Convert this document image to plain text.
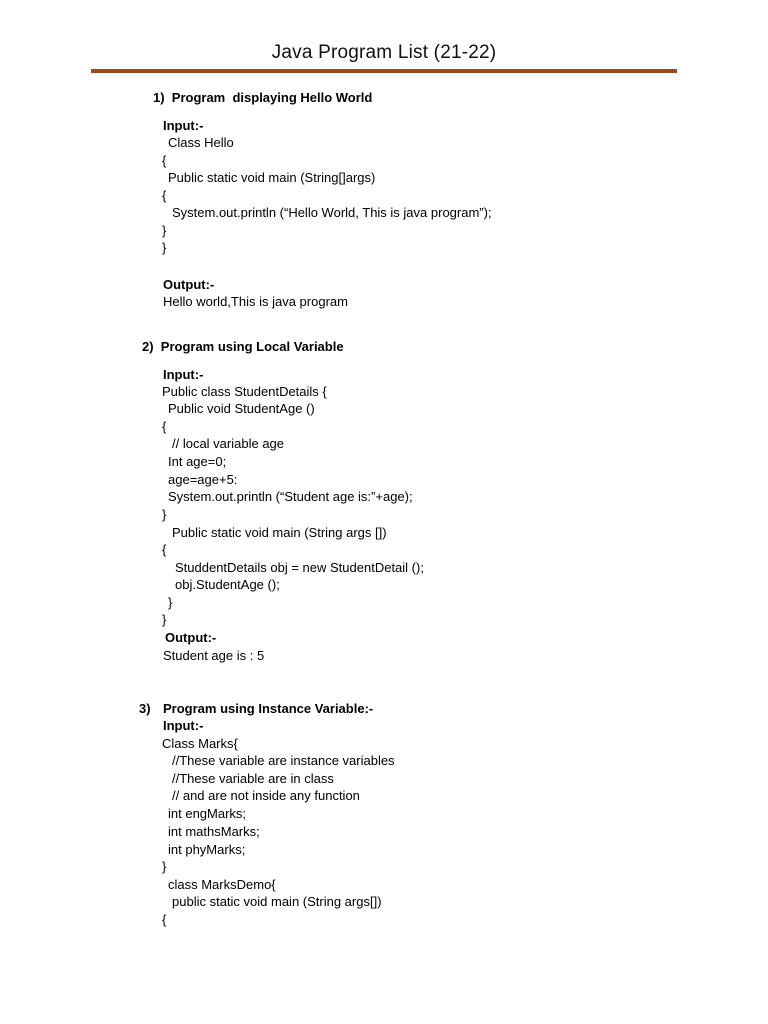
Java Program List (21-22)
1)  Program  displaying Hello World
Input:-
Class Hello
{
Public static void main (String[]args)
{
System.out.println (“Hello World, This is java program”);
}
}
Output:-
Hello world,This is java program
2)  Program using Local Variable
Input:-
Public class StudentDetails {
Public void StudentAge ()
{
// local variable age
Int age=0;
age=age+5:
System.out.println (“Student age is:”+age);
}
Public static void main (String args [])
{
StuddentDetails obj = new StudentDetail ();
obj.StudentAge ();
}
}
Output:-
Student age is : 5
3) Program using Instance Variable:-
Input:-
Class Marks{
//These variable are instance variables
//These variable are in class
// and are not inside any function
int engMarks;
int mathsMarks;
int phyMarks;
}
class MarksDemo{
public static void main (String args[])
{
